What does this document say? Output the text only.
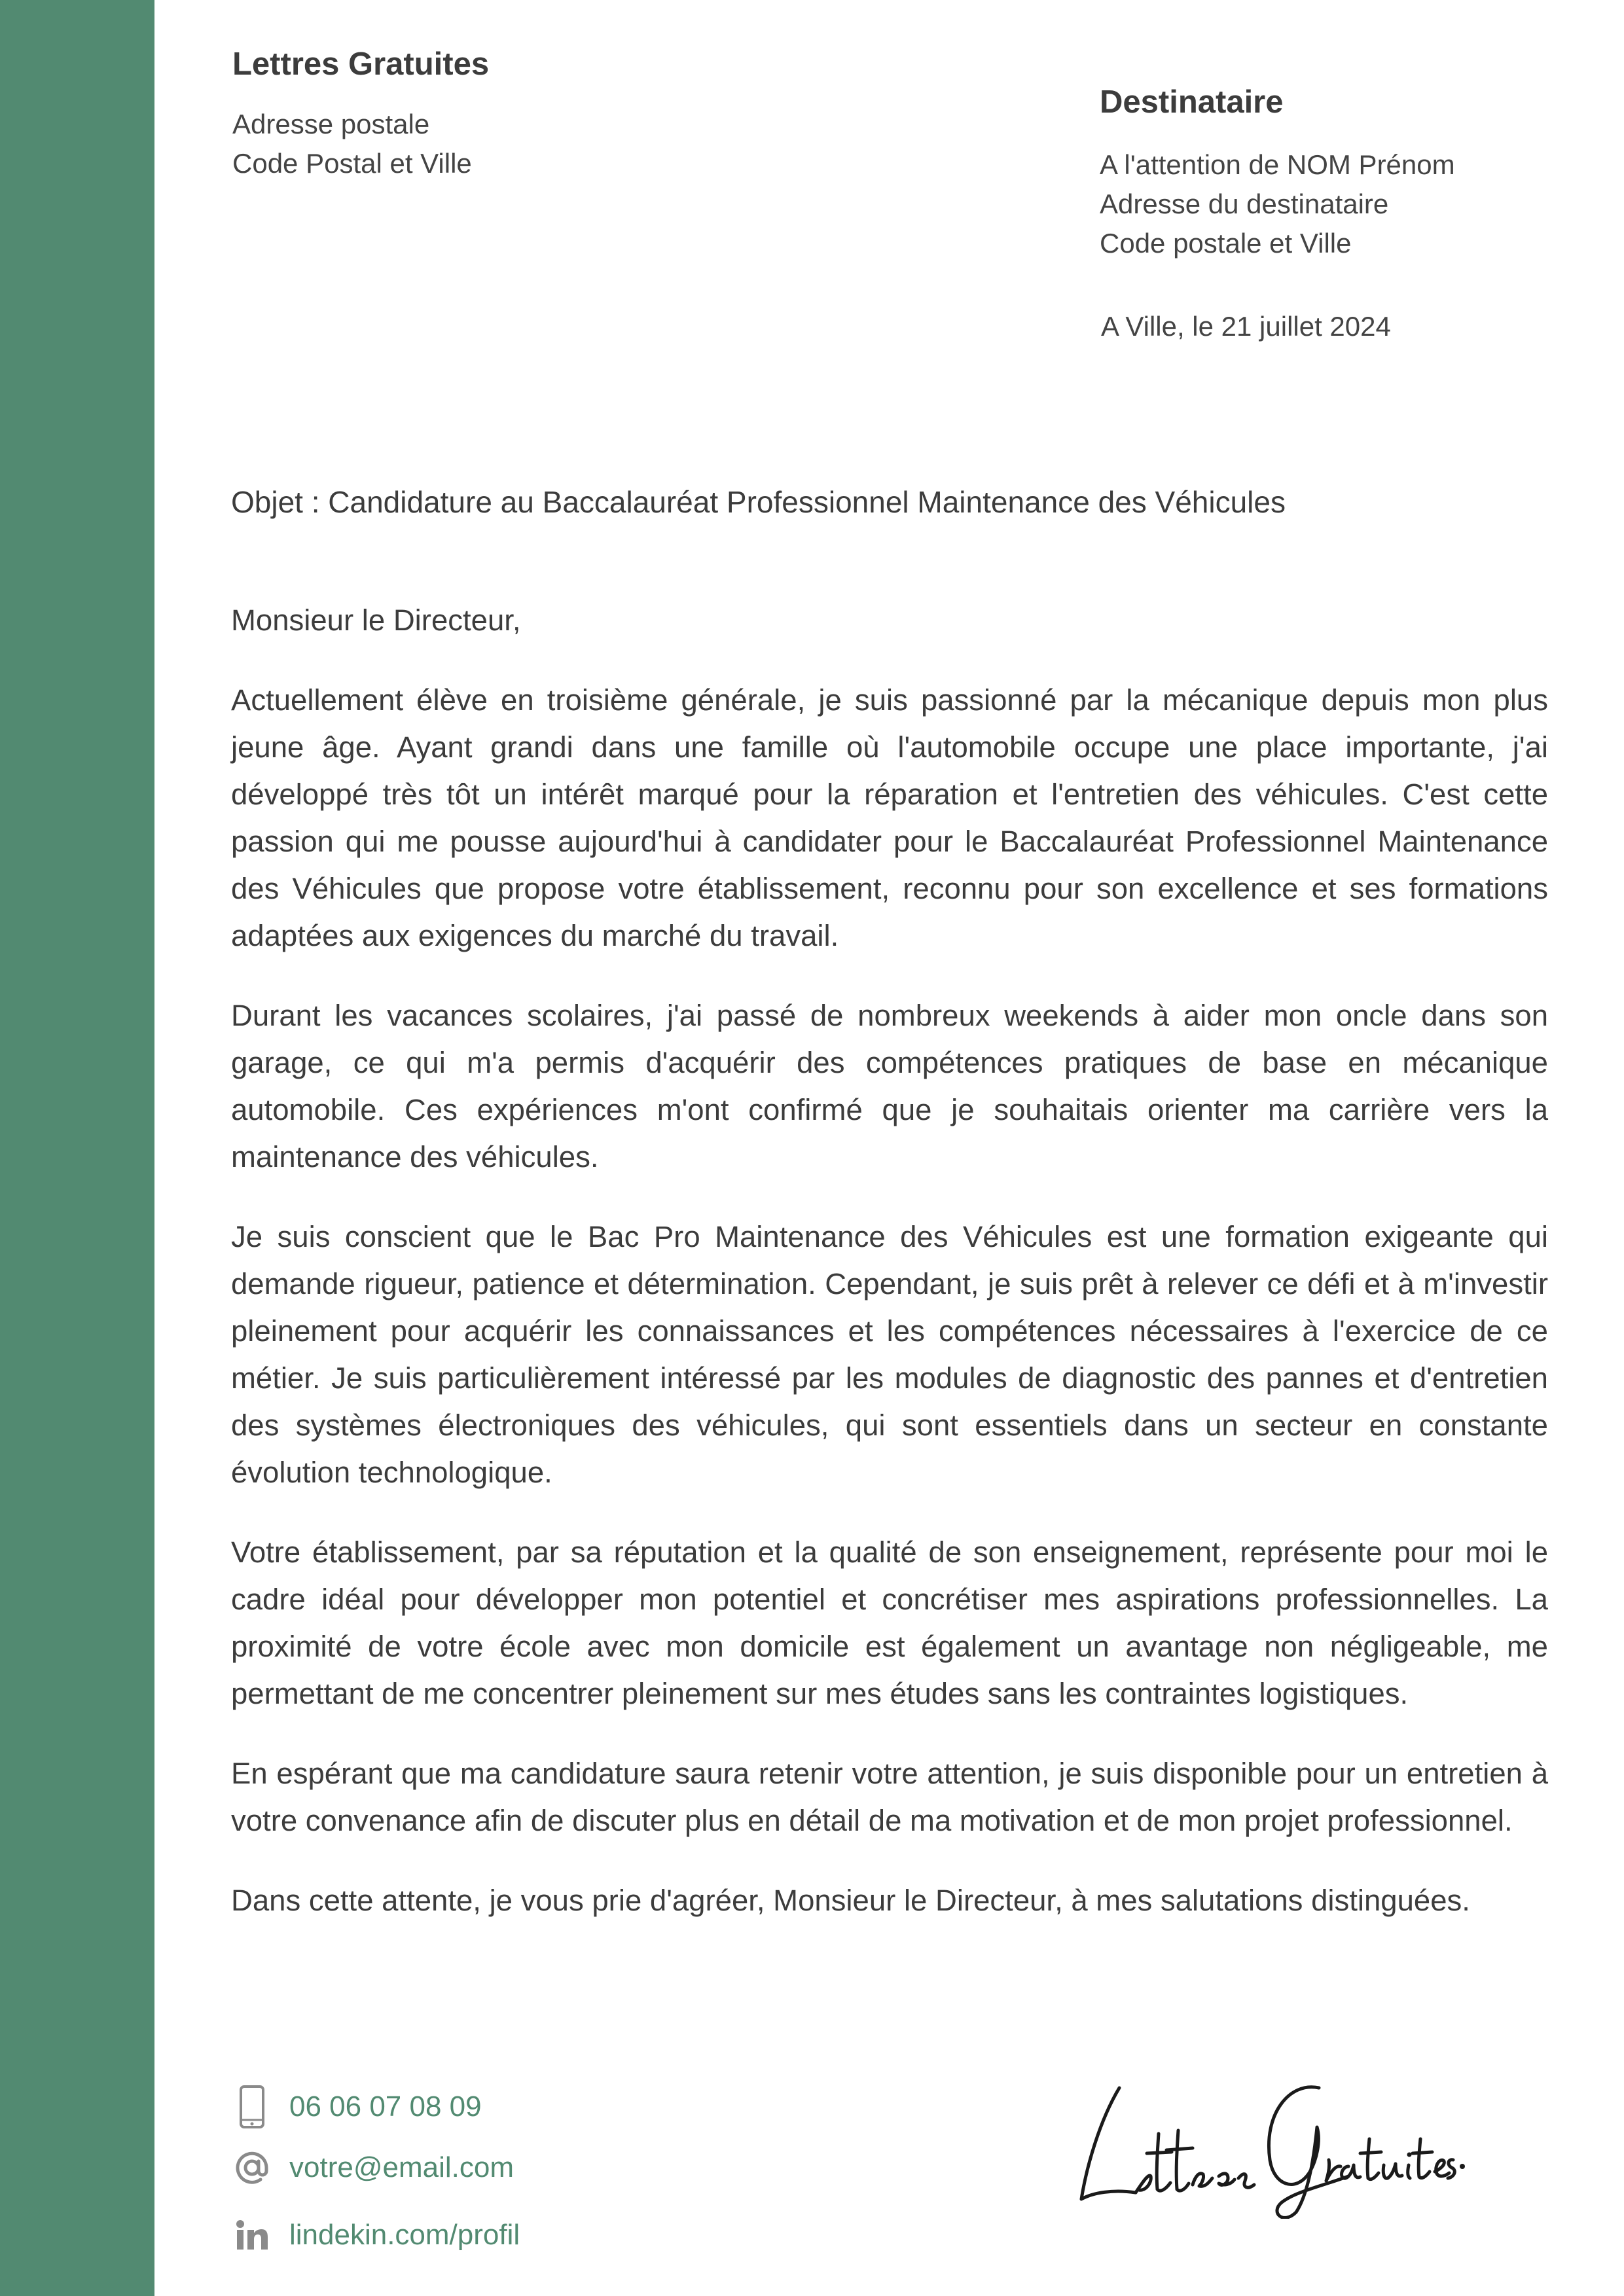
Lettres Gratuites
Adresse postale
Code Postal et Ville
Destinataire
A l'attention de NOM Prénom
Adresse du destinataire
Code postale et Ville
A Ville, le 21 juillet 2024
Objet : Candidature au Baccalauréat Professionnel Maintenance des Véhicules

Monsieur le Directeur,

Actuellement élève en troisième générale, je suis passionné par la mécanique depuis mon plus jeune âge. Ayant grandi dans une famille où l'automobile occupe une place importante, j'ai développé très tôt un intérêt marqué pour la réparation et l'entretien des véhicules. C'est cette passion qui me pousse aujourd'hui à candidater pour le Baccalauréat Professionnel Maintenance des Véhicules que propose votre établissement, reconnu pour son excellence et ses formations adaptées aux exigences du marché du travail.

Durant les vacances scolaires, j'ai passé de nombreux weekends à aider mon oncle dans son garage, ce qui m'a permis d'acquérir des compétences pratiques de base en mécanique automobile. Ces expériences m'ont confirmé que je souhaitais orienter ma carrière vers la maintenance des véhicules.

Je suis conscient que le Bac Pro Maintenance des Véhicules est une formation exigeante qui demande rigueur, patience et détermination. Cependant, je suis prêt à relever ce défi et à m'investir pleinement pour acquérir les connaissances et les compétences nécessaires à l'exercice de ce métier. Je suis particulièrement intéressé par les modules de diagnostic des pannes et d'entretien des systèmes électroniques des véhicules, qui sont essentiels dans un secteur en constante évolution technologique.

Votre établissement, par sa réputation et la qualité de son enseignement, représente pour moi le cadre idéal pour développer mon potentiel et concrétiser mes aspirations professionnelles. La proximité de votre école avec mon domicile est également un avantage non négligeable, me permettant de me concentrer pleinement sur mes études sans les contraintes logistiques.

En espérant que ma candidature saura retenir votre attention, je suis disponible pour un entretien à votre convenance afin de discuter plus en détail de ma motivation et de mon projet professionnel.

Dans cette attente, je vous prie d'agréer, Monsieur le Directeur, à mes salutations distinguées.

06 06 07 08 09
votre@email.com
lindekin.com/profil
